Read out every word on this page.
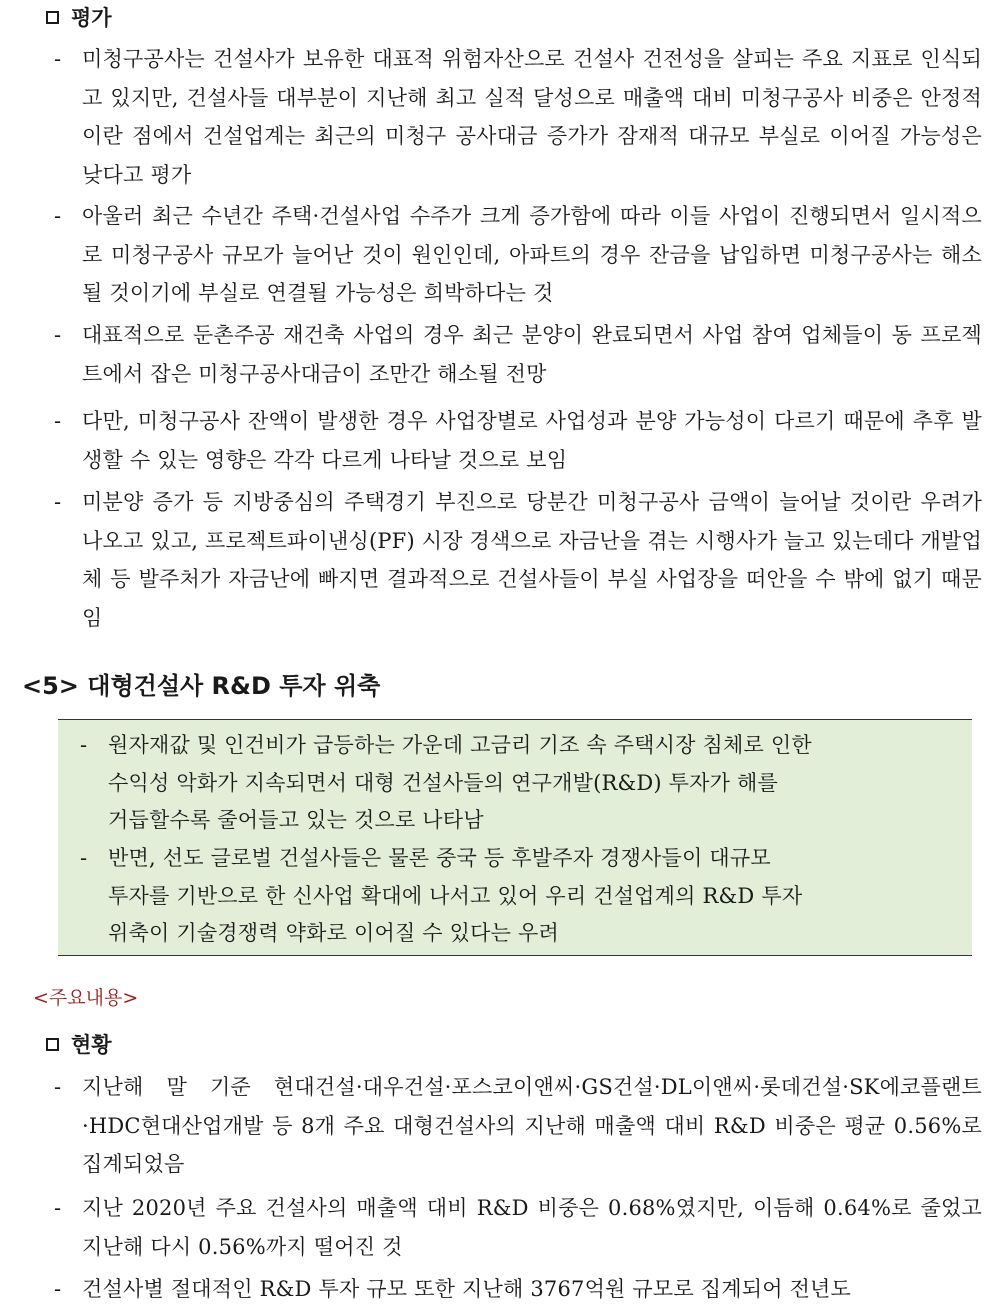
평가
- 미청구공사는 건설사가 보유한 대표적 위험자산으로 건설사 건전성을 살피는 주요 지표로 인식되고 있지만, 건설사들 대부분이 지난해 최고 실적 달성으로 매출액 대비 미청구공사 비중은 안정적이란 점에서 건설업계는 최근의 미청구 공사대금 증가가 잠재적 대규모 부실로 이어질 가능성은 낮다고 평가
- 아울러 최근 수년간 주택·건설사업 수주가 크게 증가함에 따라 이들 사업이 진행되면서 일시적으로 미청구공사 규모가 늘어난 것이 원인인데, 아파트의 경우 잔금을 납입하면 미청구공사는 해소될 것이기에 부실로 연결될 가능성은 희박하다는 것
- 대표적으로 둔촌주공 재건축 사업의 경우 최근 분양이 완료되면서 사업 참여 업체들이 동 프로젝트에서 잡은 미청구공사대금이 조만간 해소될 전망
- 다만, 미청구공사 잔액이 발생한 경우 사업장별로 사업성과 분양 가능성이 다르기 때문에 추후 발생할 수 있는 영향은 각각 다르게 나타날 것으로 보임
- 미분양 증가 등 지방중심의 주택경기 부진으로 당분간 미청구공사 금액이 늘어날 것이란 우려가 나오고 있고, 프로젝트파이낸싱(PF) 시장 경색으로 자금난을 겪는 시행사가 늘고 있는데다 개발업체 등 발주처가 자금난에 빠지면 결과적으로 건설사들이 부실 사업장을 떠안을 수 밖에 없기 때문임
<5> 대형건설사 R&D 투자 위축
- 원자재값 및 인건비가 급등하는 가운데 고금리 기조 속 주택시장 침체로 인한
수익성 악화가 지속되면서 대형 건설사들의 연구개발(R&D) 투자가 해를
거듭할수록 줄어들고 있는 것으로 나타남
- 반면, 선도 글로벌 건설사들은 물론 중국 등 후발주자 경쟁사들이 대규모
투자를 기반으로 한 신사업 확대에 나서고 있어 우리 건설업계의 R&D 투자
위축이 기술경쟁력 약화로 이어질 수 있다는 우려
<주요내용>
현황
- 지난해 말 기준 현대건설·대우건설·포스코이앤씨·GS건설·DL이앤씨·롯데건설·SK에코플랜트·HDC현대산업개발 등 8개 주요 대형건설사의 지난해 매출액 대비 R&D 비중은 평균 0.56%로 집계되었음
- 지난 2020년 주요 건설사의 매출액 대비 R&D 비중은 0.68%였지만, 이듬해 0.64%로 줄었고 지난해 다시 0.56%까지 떨어진 것
- 건설사별 절대적인 R&D 투자 규모 또한 지난해 3767억원 규모로 집계되어 전년도
